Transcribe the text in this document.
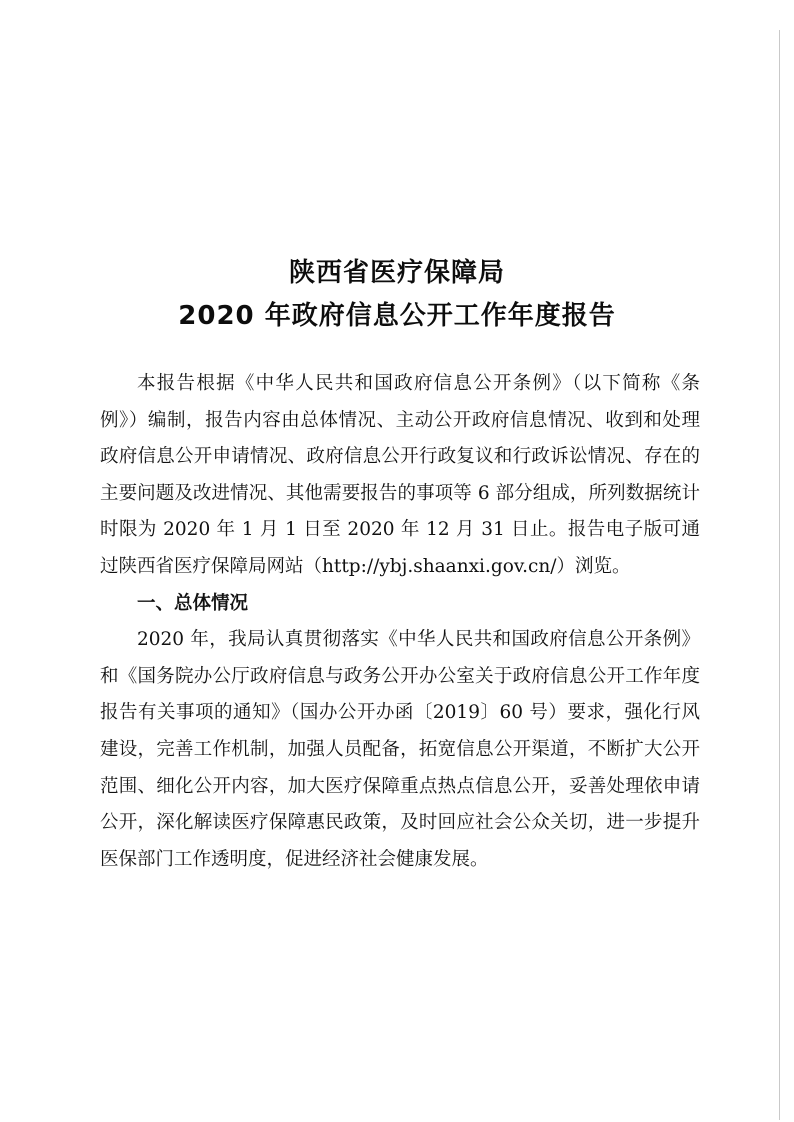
陕西省医疗保障局
2020 年政府信息公开工作年度报告

本报告根据《中华人民共和国政府信息公开条例》（以下简称《条例》）编制，报告内容由总体情况、主动公开政府信息情况、收到和处理政府信息公开申请情况、政府信息公开行政复议和行政诉讼情况、存在的主要问题及改进情况、其他需要报告的事项等 6 部分组成，所列数据统计时限为 2020 年 1 月 1 日至 2020 年 12 月 31 日止。报告电子版可通过陕西省医疗保障局网站（http://ybj.shaanxi.gov.cn/）浏览。

一、总体情况

2020 年，我局认真贯彻落实《中华人民共和国政府信息公开条例》和《国务院办公厅政府信息与政务公开办公室关于政府信息公开工作年度报告有关事项的通知》（国办公开办函〔2019〕60 号）要求，强化行风建设，完善工作机制，加强人员配备，拓宽信息公开渠道，不断扩大公开范围、细化公开内容，加大医疗保障重点热点信息公开，妥善处理依申请公开，深化解读医疗保障惠民政策，及时回应社会公众关切，进一步提升医保部门工作透明度，促进经济社会健康发展。
